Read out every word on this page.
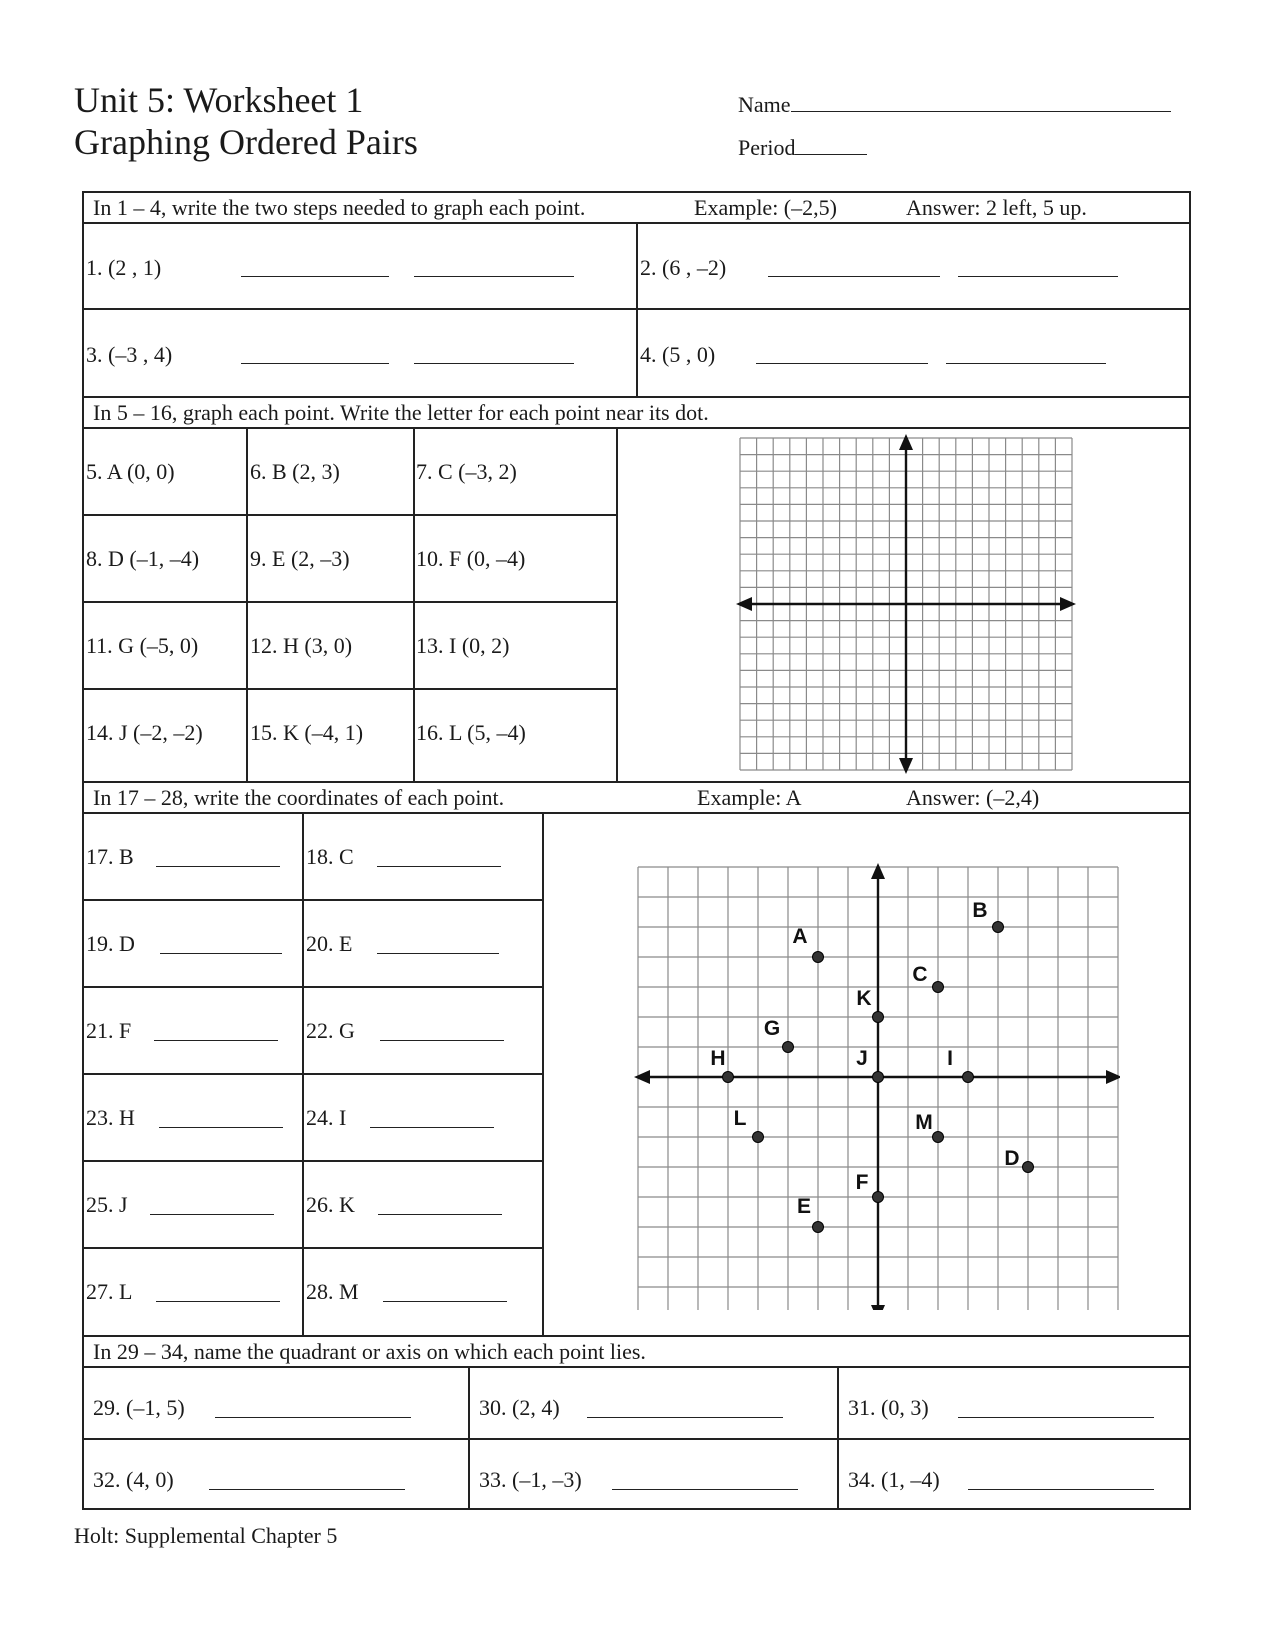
Unit 5: Worksheet 1
Graphing Ordered Pairs
Name
Period
In 1 – 4, write the two steps needed to graph each point.	Example: (–2,5)	Answer: 2 left, 5 up.
1. (2 , 1)	2. (6 , –2)
3. (–3 , 4)	4. (5 , 0)
In 5 – 16, graph each point. Write the letter for each point near its dot.
5. A (0, 0)	6. B (2, 3)	7. C (–3, 2)
8. D (–1, –4) 9. E (2, –3)	10. F (0, –4)
11. G (–5, 0) 12. H (3, 0)	13. I (0, 2)
14. J (–2, –2) 15. K (–4, 1) 16. L (5, –4)
In 17 – 28, write the coordinates of each point.	Example: A	Answer: (–2,4)
17. B	18. C
19. D	20. E
21. F	22. G
23. H	24. I
25. J	26. K
27. L	28. M
A
B
C
D
E
F
G
H	I
J
K
L	M
In 29 – 34, name the quadrant or axis on which each point lies.
29. (–1, 5)	30. (2, 4)	31. (0, 3)
32. (4, 0)	33. (–1, –3)	34. (1, –4)
Holt: Supplemental Chapter 5
